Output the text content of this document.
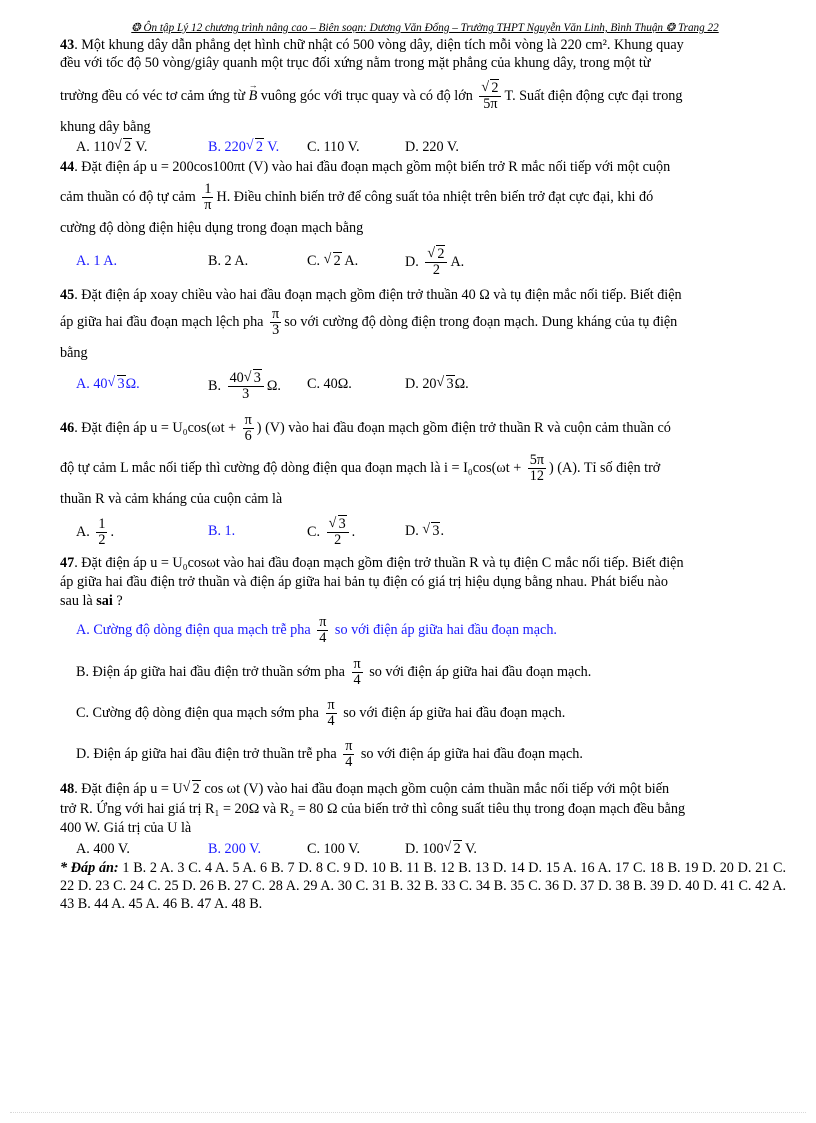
❂ Ôn tập Lý 12 chương trình nâng cao – Biên soạn: Dương Văn Đổng – Trường THPT Nguyễn Văn Linh, Bình Thuận ❂ Trang 22
43. Một khung dây dẫn phẳng dẹt hình chữ nhật có 500 vòng dây, diện tích mỗi vòng là 220 cm². Khung quay
đều với tốc độ 50 vòng/giây quanh một trục đối xứng nằm trong mặt phẳng của khung dây, trong một từ
trường đều có véc tơ cảm ứng từ B → vuông góc với trục quay và có độ lớn √ $\frac{2}{5\pi} T$. Suất điện động cực đại trong
khung dây bằng
A. 110 √ 2 V.	B. 220 √ 2 V. C. 110 V.	D. 220 V.
44. Đặt điện áp u = 200cos100πt (V) vào hai đầu đoạn mạch gồm một biến trở R mắc nối tiếp với một cuộn
cảm thuần có độ tự cảm $\frac{1}{\pi} H$. Điều chỉnh biến trở để công suất tỏa nhiệt trên biến trở đạt cực đại, khi đó
cường độ dòng điện hiệu dụng trong đoạn mạch bằng
A. 1 A.	B. 2 A.	C. √ 2 A.	D. √ $\frac{2}{2} A$.
45. Đặt điện áp xoay chiều vào hai đầu đoạn mạch gồm điện trở thuần 40 Ω và tụ điện mắc nối tiếp. Biết điện
áp giữa hai đầu đoạn mạch lệch pha $\frac{\pi}{3}$ so với cường độ dòng điện trong đoạn mạch. Dung kháng của tụ điện
bằng
A. 40 √ 3Ω.	B. $\frac{40 √ 3}{3} \Omega$. C. 40Ω.	D. 20 √ 3Ω.
46. Đặt điện áp $u = U_0\cos(\omega t + \frac{\pi}{6}$ ) (V) vào hai đầu đoạn mạch gồm điện trở thuần R và cuộn cảm thuần có
độ tự cảm L mắc nối tiếp thì cường độ dòng điện qua đoạn mạch là $i = I_0\cos(\omega t + \frac{5\pi}{12}$ ) (A). Tỉ số điện trở
thuần R và cảm kháng của cuộn cảm là
A. $\frac{1}{2}$ .	B. 1.	C. √ $\frac{3}{2}$ .	D. √ 3.
47. Đặt điện áp u = U₀cosωt vào hai đầu đoạn mạch gồm điện trở thuần R và tụ điện C mắc nối tiếp. Biết điện
áp giữa hai đầu điện trở thuần và điện áp giữa hai bản tụ điện có giá trị hiệu dụng bằng nhau. Phát biểu nào
sau là sai ?
A. Cường độ dòng điện qua mạch trễ pha $\frac{\pi}{4}$ so với điện áp giữa hai đầu đoạn mạch.
B. Điện áp giữa hai đầu điện trở thuần sớm pha $\frac{\pi}{4}$ so với điện áp giữa hai đầu đoạn mạch.
C. Cường độ dòng điện qua mạch sớm pha $\frac{\pi}{4}$ so với điện áp giữa hai đầu đoạn mạch.
D. Điện áp giữa hai đầu điện trở thuần trễ pha $\frac{\pi}{4}$ so với điện áp giữa hai đầu đoạn mạch.
48. Đặt điện áp u = U √ 2 cos ωt (V) vào hai đầu đoạn mạch gồm cuộn cảm thuần mắc nối tiếp với một biến
trở R. Ứng với hai giá trị R₁ = 20Ω và R₂ = 80 Ω của biến trở thì công suất tiêu thụ trong đoạn mạch đều bằng
400 W. Giá trị của U là
A. 400 V.	B. 200 V.	C. 100 V.	D. 100 √ 2 V.
* Đáp án: 1 B. 2 A. 3 C. 4 A. 5 A. 6 B. 7 D. 8 C. 9 D. 10 B. 11 B. 12 B. 13 D. 14 D. 15 A. 16 A. 17 C. 18 B. 19 D. 20 D. 21 C. 22 D. 23 C. 24 C. 25 D. 26 B. 27 C. 28 A. 29 A. 30 C. 31 B. 32 B. 33 C. 34 B. 35 C. 36 D. 37 D. 38 B. 39 D. 40 D. 41 C. 42 A. 43 B. 44 A. 45 A. 46 B. 47 A. 48 B.
